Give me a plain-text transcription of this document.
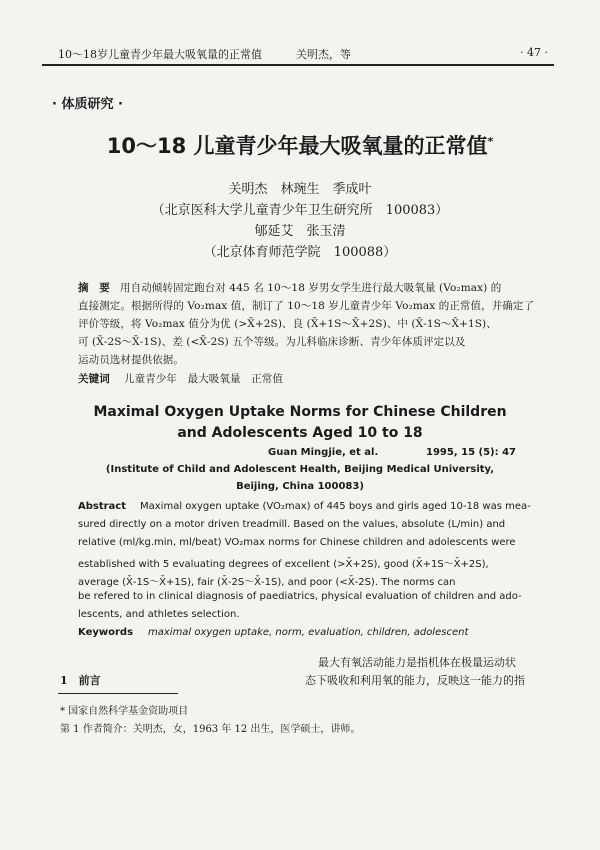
10～18岁儿童青少年最大吸氧量的正常值	关明杰，等	· 47 ·
· 体质研究 ·
10～18 儿童青少年最大吸氧量的正常值*
关明杰　林琬生　季成叶
（北京医科大学儿童青少年卫生研究所　100083）
郇延艾　张玉清
（北京体育师范学院　100088）
摘　要 用自动倾转固定跑台对 445 名 10～18 岁男女学生进行最大吸氧量 (Vo₂max) 的
直接测定。根据所得的 Vo₂max 值，制订了 10～18 岁儿童青少年 Vo₂max 的正常值，并确定了
评价等级，将 Vo₂max 值分为优 (>X̄+2S)、良 (X̄+1S～X̄+2S)、中 (X̄-1S～X̄+1S)、
可 (X̄-2S～X̄-1S)、差 (<X̄-2S) 五个等级。为儿科临床诊断、青少年体质评定以及
运动员选材提供依据。
关键词 儿童青少年　最大吸氧量　正常值
Maximal Oxygen Uptake Norms for Chinese Children
and Adolescents Aged 10 to 18
Guan Mingjie, et al.	1995, 15 (5): 47
(Institute of Child and Adolescent Health, Beijing Medical University,
Beijing, China 100083)
Abstract Maximal oxygen uptake (VO₂max) of 445 boys and girls aged 10-18 was mea-
sured directly on a motor driven treadmill. Based on the values, absolute (L/min) and
relative (ml/kg.min, ml/beat) VO₂max norms for Chinese children and adolescents were
established with 5 evaluating degrees of excellent (>X̄+2S), good (X̄+1S～X̄+2S),
average (X̄-1S～X̄+1S), fair (X̄-2S～X̄-1S), and poor (<X̄-2S). The norms can
be refered to in clinical diagnosis of paediatrics, physical evaluation of children and ado-
lescents, and athletes selection.
Keywords maximal oxygen uptake, norm, evaluation, children, adolescent
最大有氧活动能力是指机体在极量运动状
态下吸收和利用氧的能力，反映这一能力的指
1　前言
* 国家自然科学基金资助项目
第 1 作者简介：关明杰，女，1963 年 12 出生，医学硕士，讲师。
